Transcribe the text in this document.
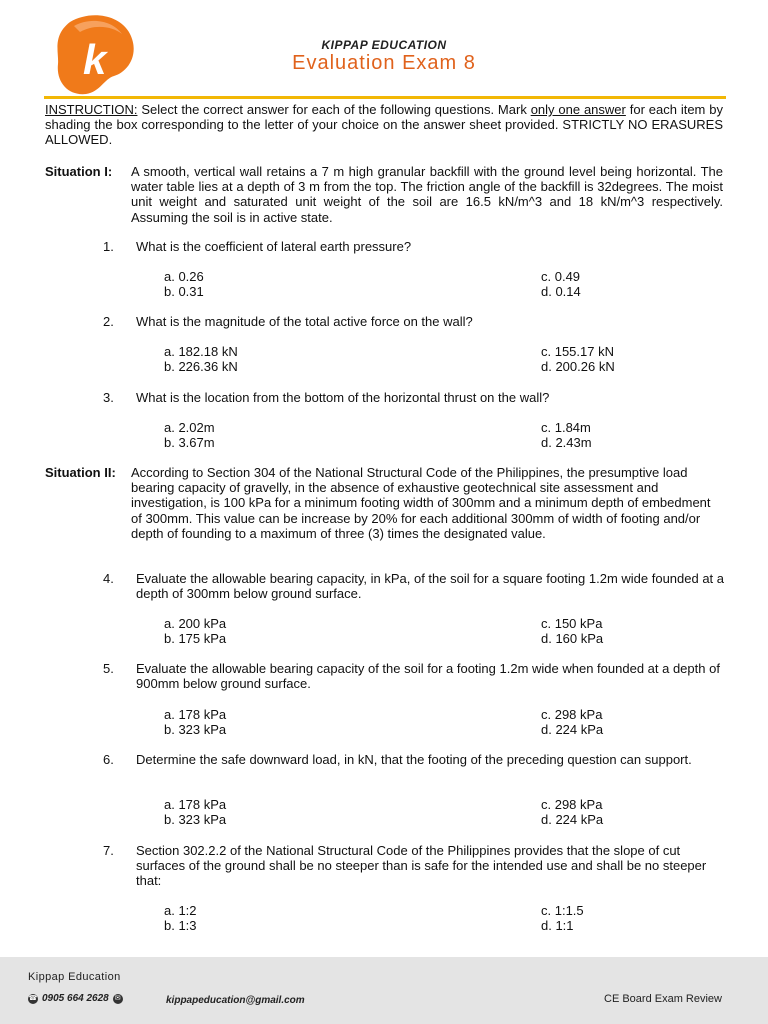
k	KIPPAP EDUCATION
Evaluation Exam 8
INSTRUCTION: Select the correct answer for each of the following questions. Mark only one answer for each item by shading the box corresponding to the letter of your choice on the answer sheet provided. STRICTLY NO ERASURES ALLOWED.
Situation I: A smooth, vertical wall retains a 7 m high granular backfill with the ground level being horizontal. The water table lies at a depth of 3 m from the top. The friction angle of the backfill is 32degrees. The moist unit weight and saturated unit weight of the soil are 16.5 kN/m^3 and 18 kN/m^3 respectively. Assuming the soil is in active state.
1. What is the coefficient of lateral earth pressure?
a. 0.26
b. 0.31
c. 0.49
d. 0.14
2. What is the magnitude of the total active force on the wall?
a. 182.18 kN
b. 226.36 kN
c. 155.17 kN
d. 200.26 kN
3. What is the location from the bottom of the horizontal thrust on the wall?
a. 2.02m
b. 3.67m
c. 1.84m
d. 2.43m
Situation II: According to Section 304 of the National Structural Code of the Philippines, the presumptive load bearing capacity of gravelly, in the absence of exhaustive geotechnical site assessment and investigation, is 100 kPa for a minimum footing width of 300mm and a minimum depth of embedment of 300mm. This value can be increase by 20% for each additional 300mm of width of footing and/or depth of founding to a maximum of three (3) times the designated value.
4. Evaluate the allowable bearing capacity, in kPa, of the soil for a square footing 1.2m wide founded at a depth of 300mm below ground surface.
a. 200 kPa
b. 175 kPa
c. 150 kPa
d. 160 kPa
5. Evaluate the allowable bearing capacity of the soil for a footing 1.2m wide when founded at a depth of 900mm below ground surface.
a. 178 kPa
b. 323 kPa
c. 298 kPa
d. 224 kPa
6. Determine the safe downward load, in kN, that the footing of the preceding question can support.
a. 178 kPa
b. 323 kPa
c. 298 kPa
d. 224 kPa
7. Section 302.2.2 of the National Structural Code of the Philippines provides that the slope of cut surfaces of the ground shall be no steeper than is safe for the intended use and shall be no steeper that:
a. 1:2
b. 1:3
c. 1:1.5
d. 1:1
Kippap Education
☎ 0905 664 2628 ✉	kippapeducation@gmail.com	CE Board Exam Review
